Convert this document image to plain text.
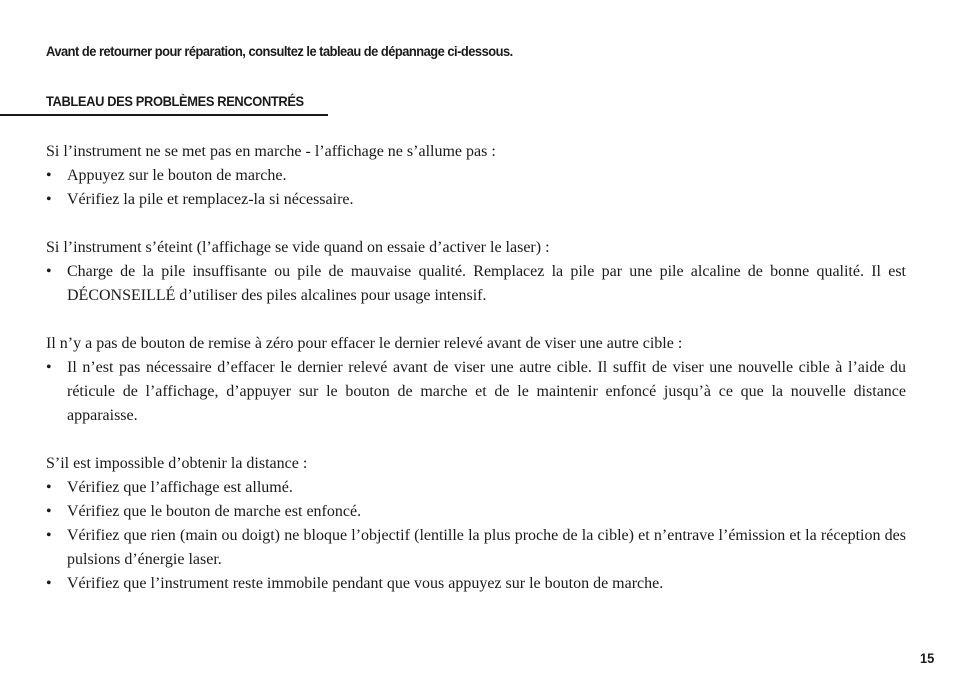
Avant de retourner pour réparation, consultez le tableau de dépannage ci-dessous.

TABLEAU DES PROBLÈMES RENCONTRÉS

Si l’instrument ne se met pas en marche - l’affichage ne s’allume pas :

• Appuyez sur le bouton de marche.
• Vérifiez la pile et remplacez-la si nécessaire.

Si l’instrument s’éteint (l’affichage se vide quand on essaie d’activer le laser) :

• Charge de la pile insuffisante ou pile de mauvaise qualité. Remplacez la pile par une pile alcaline de bonne qualité. Il est DÉCONSEILLÉ d’utiliser des piles alcalines pour usage intensif.

Il n’y a pas de bouton de remise à zéro pour effacer le dernier relevé avant de viser une autre cible :

• Il n’est pas nécessaire d’effacer le dernier relevé avant de viser une autre cible. Il suffit de viser une nouvelle cible à l’aide du réticule de l’affichage, d’appuyer sur le bouton de marche et de le maintenir enfoncé jusqu’à ce que la nouvelle distance apparaisse.

S’il est impossible d’obtenir la distance :

• Vérifiez que l’affichage est allumé.
• Vérifiez que le bouton de marche est enfoncé.
• Vérifiez que rien (main ou doigt) ne bloque l’objectif (lentille la plus proche de la cible) et n’entrave l’émission et la réception des pulsions d’énergie laser.
• Vérifiez que l’instrument reste immobile pendant que vous appuyez sur le bouton de marche.
15
